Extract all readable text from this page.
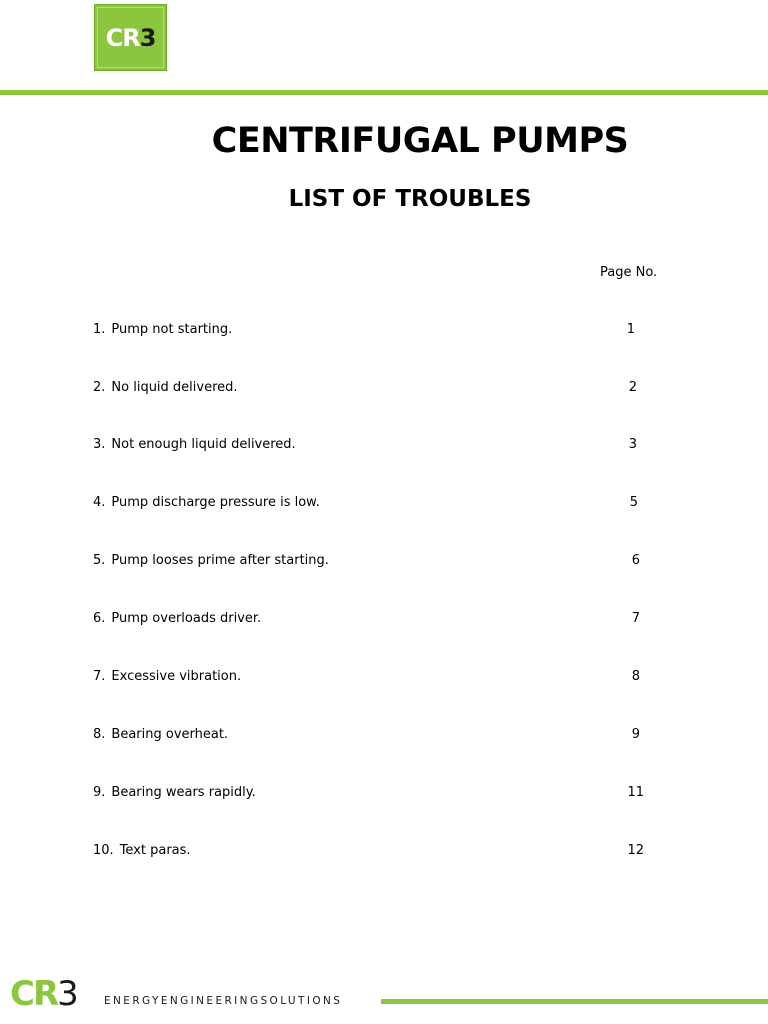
CR3
CENTRIFUGAL PUMPS
LIST OF TROUBLES
Page No.
1. Pump not starting.	1
2. No liquid delivered.	2
3. Not enough liquid delivered.	3
4. Pump discharge pressure is low.	5
5. Pump looses prime after starting.	6
6. Pump overloads driver.	7
7. Excessive vibration.	8
8. Bearing overheat.	9
9. Bearing wears rapidly.	11
10. Text paras.	12
CR3	ENERGYENGINEERINGSOLUTIONS
